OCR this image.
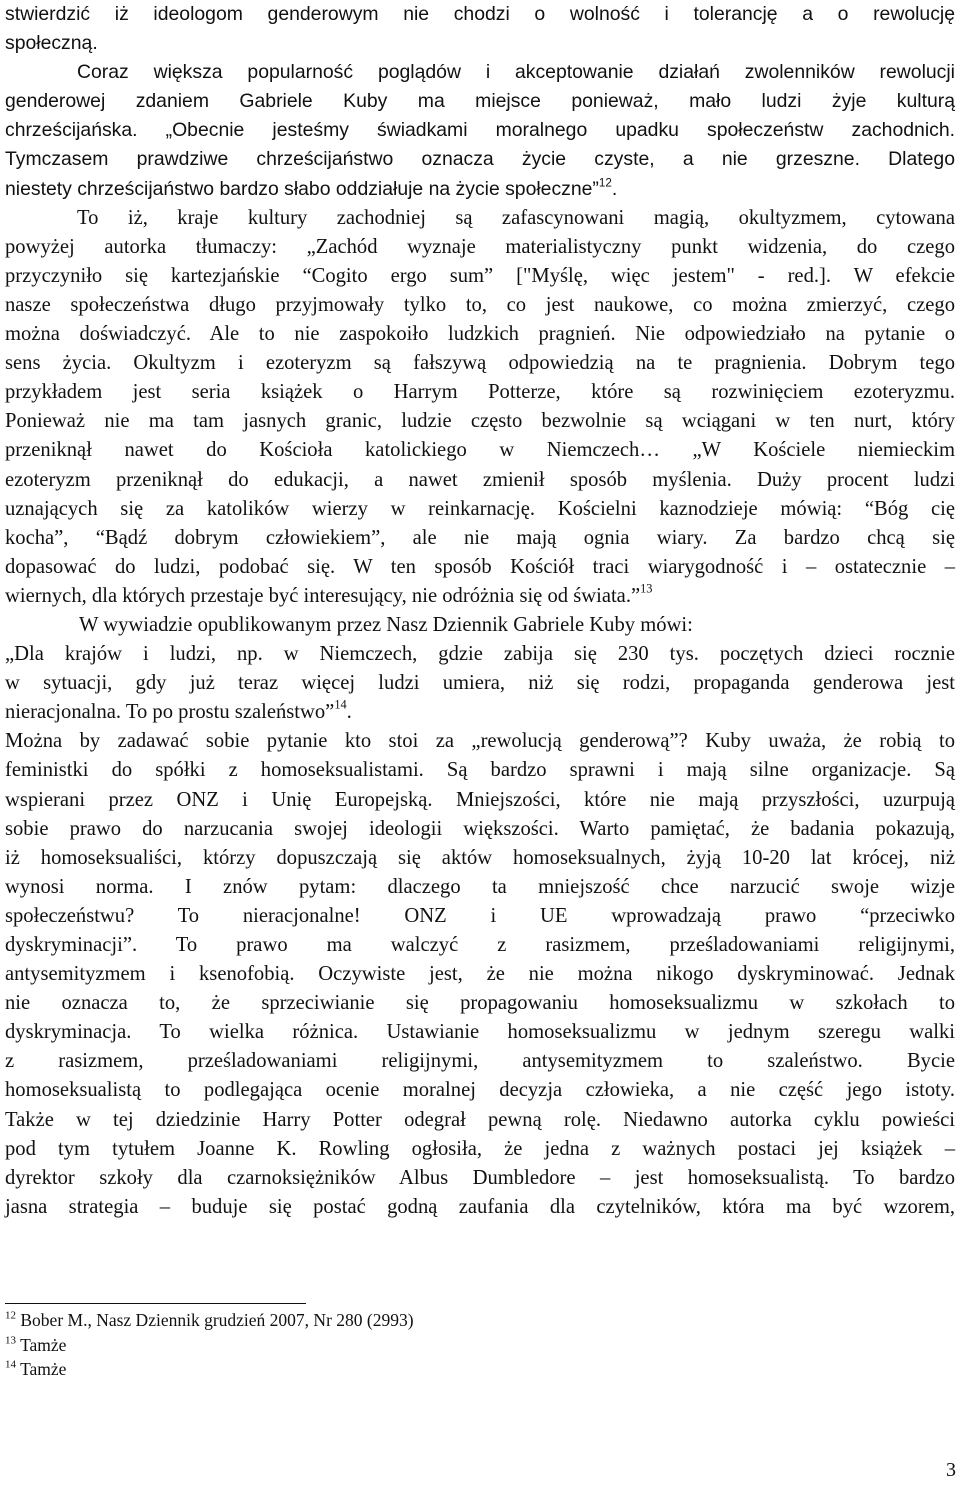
stwierdzić iż ideologom genderowym nie chodzi o wolność i tolerancję a o rewolucję
społeczną.
Coraz większa popularność poglądów i akceptowanie działań zwolenników rewolucji
genderowej zdaniem Gabriele Kuby ma miejsce ponieważ, mało ludzi żyje kulturą
chrześcijańska. „Obecnie jesteśmy świadkami moralnego upadku społeczeństw zachodnich.
Tymczasem prawdziwe chrześcijaństwo oznacza życie czyste, a nie grzeszne. Dlatego
niestety chrześcijaństwo bardzo słabo oddziałuje na życie społeczne”$^{12}$.
To iż, kraje kultury zachodniej są zafascynowani magią, okultyzmem, cytowana
powyżej autorka tłumaczy: „Zachód wyznaje materialistyczny punkt widzenia, do czego
przyczyniło się kartezjańskie “Cogito ergo sum” ["Myślę, więc jestem" - red.]. W efekcie
nasze społeczeństwa długo przyjmowały tylko to, co jest naukowe, co można zmierzyć, czego
można doświadczyć. Ale to nie zaspokoiło ludzkich pragnień. Nie odpowiedziało na pytanie o
sens życia. Okultyzm i ezoteryzm są fałszywą odpowiedzią na te pragnienia. Dobrym tego
przykładem jest seria książek o Harrym Potterze, które są rozwinięciem ezoteryzmu.
Ponieważ nie ma tam jasnych granic, ludzie często bezwolnie są wciągani w ten nurt, który
przeniknął nawet do Kościoła katolickiego w Niemczech… „W Kościele niemieckim
ezoteryzm przeniknął do edukacji, a nawet zmienił sposób myślenia. Duży procent ludzi
uznających się za katolików wierzy w reinkarnację. Kościelni kaznodzieje mówią: “Bóg cię
kocha”, “Bądź dobrym człowiekiem”, ale nie mają ognia wiary. Za bardzo chcą się
dopasować do ludzi, podobać się. W ten sposób Kościół traci wiarygodność i – ostatecznie –
wiernych, dla których przestaje być interesujący, nie odróżnia się od świata.”$^{13}$
W wywiadzie opublikowanym przez Nasz Dziennik Gabriele Kuby mówi:
„Dla krajów i ludzi, np. w Niemczech, gdzie zabija się 230 tys. poczętych dzieci rocznie
w sytuacji, gdy już teraz więcej ludzi umiera, niż się rodzi, propaganda genderowa jest
nieracjonalna. To po prostu szaleństwo”$^{14}$.
Można by zadawać sobie pytanie kto stoi za „rewolucją genderową”? Kuby uważa, że robią to
feministki do spółki z homoseksualistami. Są bardzo sprawni i mają silne organizacje. Są
wspierani przez ONZ i Unię Europejską. Mniejszości, które nie mają przyszłości, uzurpują
sobie prawo do narzucania swojej ideologii większości. Warto pamiętać, że badania pokazują,
iż homoseksualiści, którzy dopuszczają się aktów homoseksualnych, żyją 10-20 lat krócej, niż
wynosi norma. I znów pytam: dlaczego ta mniejszość chce narzucić swoje wizje
społeczeństwu? To nieracjonalne! ONZ i UE wprowadzają prawo “przeciwko
dyskryminacji”. To prawo ma walczyć z rasizmem, prześladowaniami religijnymi,
antysemityzmem i ksenofobią. Oczywiste jest, że nie można nikogo dyskryminować. Jednak
nie oznacza to, że sprzeciwianie się propagowaniu homoseksualizmu w szkołach to
dyskryminacja. To wielka różnica. Ustawianie homoseksualizmu w jednym szeregu walki
z rasizmem, prześladowaniami religijnymi, antysemityzmem to szaleństwo. Bycie
homoseksualistą to podlegająca ocenie moralnej decyzja człowieka, a nie część jego istoty.
Także w tej dziedzinie Harry Potter odegrał pewną rolę. Niedawno autorka cyklu powieści
pod tym tytułem Joanne K. Rowling ogłosiła, że jedna z ważnych postaci jej książek –
dyrektor szkoły dla czarnoksiężników Albus Dumbledore – jest homoseksualistą. To bardzo
jasna strategia – buduje się postać godną zaufania dla czytelników, która ma być wzorem,
$^{12}$ Bober M., Nasz Dziennik grudzień 2007, Nr 280 (2993)
$^{13}$ Tamże
$^{14}$ Tamże
3
